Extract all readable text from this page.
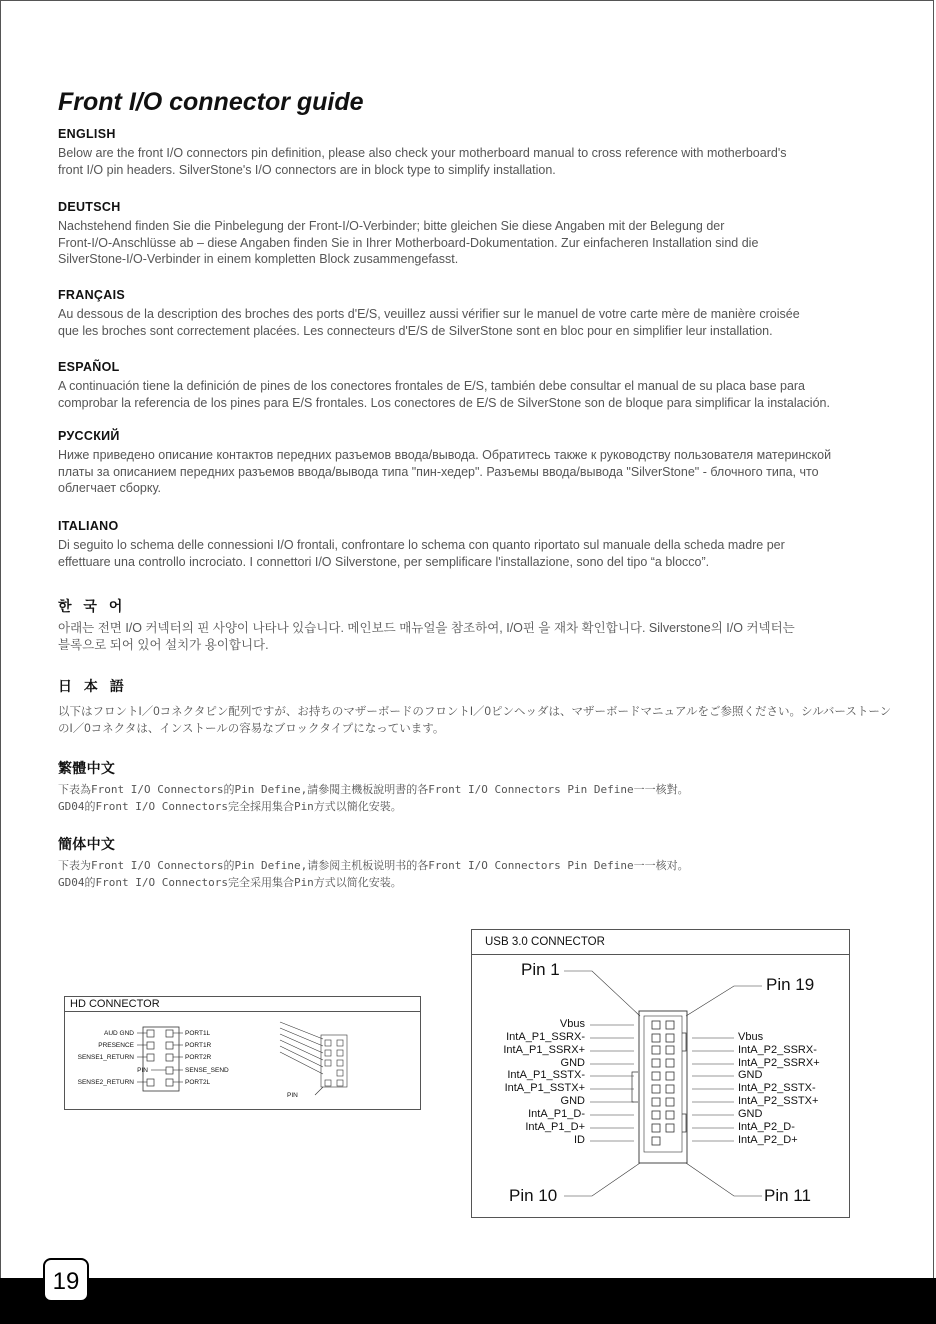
Front I/O connector guide
ENGLISH
Below are the front I/O connectors pin definition, please also check your motherboard manual to cross reference with motherboard's
front I/O pin headers. SilverStone's I/O connectors are in block type to simplify installation.
DEUTSCH
Nachstehend finden Sie die Pinbelegung der Front-I/O-Verbinder; bitte gleichen Sie diese Angaben mit der Belegung der
Front-I/O-Anschlüsse ab – diese Angaben finden Sie in Ihrer Motherboard-Dokumentation. Zur einfacheren Installation sind die
SilverStone-I/O-Verbinder in einem kompletten Block zusammengefasst.
FRANÇAIS
Au dessous de la description des broches des ports d'E/S, veuillez aussi vérifier sur le manuel de votre carte mère de manière croisée
que les broches sont correctement placées. Les connecteurs d'E/S de SilverStone sont en bloc pour en simplifier leur installation.
ESPAÑOL
A continuación tiene la definición de pines de los conectores frontales de E/S, también debe consultar el manual de su placa base para
comprobar la referencia de los pines para E/S frontales. Los conectores de E/S de SilverStone son de bloque para simplificar la instalación.
РУССКИЙ
Ниже приведено описание контактов передних разъемов ввода/вывода. Обратитесь также к руководству пользователя материнской
платы за описанием передних разъемов ввода/вывода типа "пин-хедер". Разъемы ввода/вывода "SilverStone" - блочного типа, что
облегчает сборку.
ITALIANO
Di seguito lo schema delle connessioni I/O frontali, confrontare lo schema con quanto riportato sul manuale della scheda madre per
effettuare una controllo incrociato. I connettori I/O Silverstone, per semplificare l'installazione, sono del tipo “a blocco”.
한 국 어
아래는 전면 I/O 커넥터의 핀 사양이 나타나 있습니다. 메인보드 매뉴얼을 참조하여, I/O핀 을 재차 확인합니다. Silverstone의 I/O 커넥터는
블록으로 되어 있어 설치가 용이합니다.
日 本 語
以下はフロントI／0コネクタピン配列ですが、お持ちのマザーボードのフロントI／0ピンヘッダは、マザーボードマニュアルをご参照ください。シルバーストーン
のI／0コネクタは、インストールの容易なブロックタイプになっています。
繁體中文
下表為Front I/O Connectors的Pin Define,請參閱主機板說明書的各Front I/O Connectors Pin Define一一核對。
GD04的Front I/O Connectors完全採用集合Pin方式以簡化安裝。
簡体中文
下表为Front I/O Connectors的Pin Define,请参阅主机板说明书的各Front I/O Connectors Pin Define一一核对。
GD04的Front I/O Connectors完全采用集合Pin方式以简化安装。
HD CONNECTOR
AUD GND
PRESENCE
SENSE1_RETURN
PIN
SENSE2_RETURN
PORT1L
PORT1R
PORT2R
SENSE_SEND
PORT2L
PIN
USB 3.0 CONNECTOR
Pin 1
Pin 19
Pin 10	Pin 11
Vbus
IntA_P1_SSRX-
IntA_P1_SSRX+
GND
IntA_P1_SSTX-
IntA_P1_SSTX+
GND
IntA_P1_D-
IntA_P1_D+
ID
Vbus
IntA_P2_SSRX-
IntA_P2_SSRX+
GND
IntA_P2_SSTX-
IntA_P2_SSTX+
GND
IntA_P2_D-
IntA_P2_D+
19
